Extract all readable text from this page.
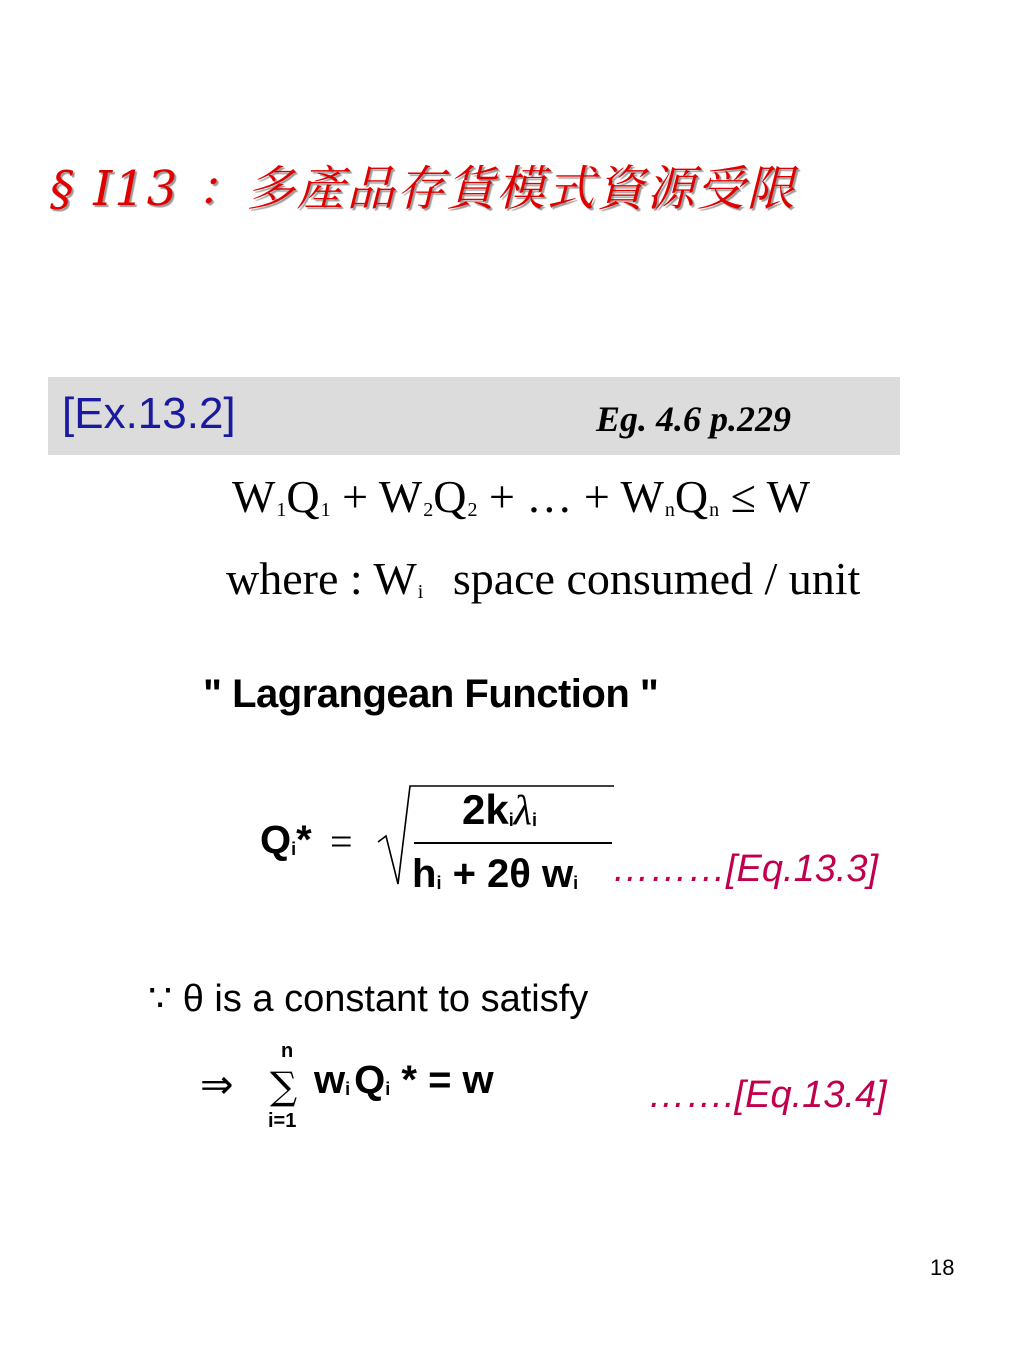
§ I13 ：多產品存貨模式資源受限
[Ex.13.2]	Eg. 4.6 p.229
$W_1Q_1 + W_2Q_2$ + … + $W_nQ_n \le W$
where : $W_i$ space consumed / unit
" Lagrangean Function "
$Q_i*$ =
$2k_i\lambda_i$
$h_i + 2\theta$ $w_i$ ………[Eq.13.3]
∵ θ is a constant to satisfy
⇒
n
∑
i=1
$w_i$ $Q_i$ * = w	…….[Eq.13.4]
18
